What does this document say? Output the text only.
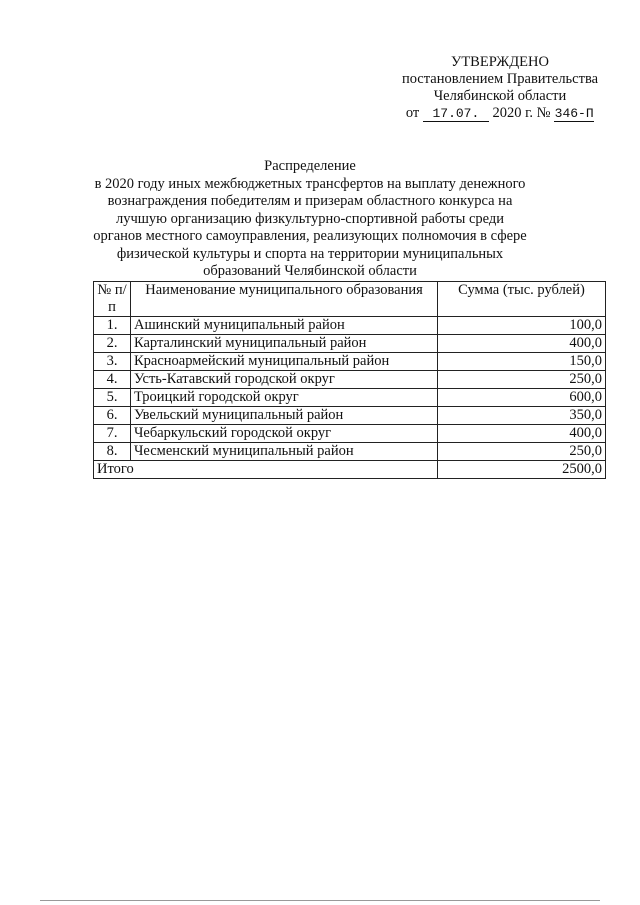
УТВЕРЖДЕНО
постановлением Правительства
Челябинской области
от 17.07. 2020 г. № 346-П
Распределение
в 2020 году иных межбюджетных трансфертов на выплату денежного вознаграждения победителям и призерам областного конкурса на лучшую организацию физкультурно-спортивной работы среди органов местного самоуправления, реализующих полномочия в сфере физической культуры и спорта на территории муниципальных образований Челябинской области
№ п/п	Наименование муниципального образования	Сумма (тыс. рублей)
1.	Ашинский муниципальный район	100,0
2.	Карталинский муниципальный район	400,0
3.	Красноармейский муниципальный район	150,0
4.	Усть-Катавский городской округ	250,0
5.	Троицкий городской округ	600,0
6.	Увельский муниципальный район	350,0
7.	Чебаркульский городской округ	400,0
8.	Чесменский муниципальный район	250,0
Итого		2500,0
